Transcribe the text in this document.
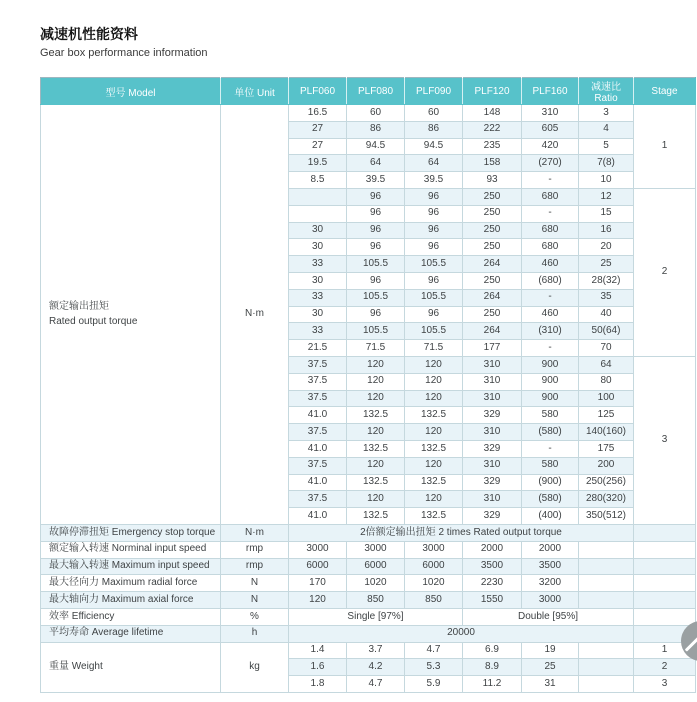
减速机性能资料
Gear box performance information
型号 Model	单位 Unit	PLF060	PLF080	PLF090	PLF120	PLF160	减速比 Ratio	Stage
额定输出扭矩
Rated output torque	N·m	16.5	60	60	148	310	3	1
		27	86	86	222	605	4	
		27	94.5	94.5	235	420	5	
		19.5	64	64	158	(270)	7(8)	
		8.5	39.5	39.5	93	-	10	
			96	96	250	680	12	2
			96	96	250	-	15	
		30	96	96	250	680	16	
		30	96	96	250	680	20	
		33	105.5	105.5	264	460	25	
		30	96	96	250	(680)	28(32)	
		33	105.5	105.5	264	-	35	
		30	96	96	250	460	40	
		33	105.5	105.5	264	(310)	50(64)	
		21.5	71.5	71.5	177	-	70	
		37.5	120	120	310	900	64	3
		37.5	120	120	310	900	80	
		37.5	120	120	310	900	100	
		41.0	132.5	132.5	329	580	125	
		37.5	120	120	310	(580)	140(160)	
		41.0	132.5	132.5	329	-	175	
		37.5	120	120	310	580	200	
		41.0	132.5	132.5	329	(900)	250(256)	
		37.5	120	120	310	(580)	280(320)	
		41.0	132.5	132.5	329	(400)	350(512)	
故障停滞扭矩 Emergency stop torque	N·m	2倍额定输出扭矩 2 times Rated output torque						
额定输入转速 Norminal input speed	rmp	3000	3000	3000	2000	2000		
最大输入转速 Maximum input speed	rmp	6000	6000	6000	3500	3500		
最大径向力 Maximum radial force	N	170	1020	1020	2230	3200		
最大轴向力 Maximum axial force	N	120	850	850	1550	3000		
效率 Efficiency	%	Single [97%]			Double [95%]			
平均寿命 Average lifetime	h	20000						
重量 Weight	kg	1.4	3.7	4.7	6.9	19		1
		1.6	4.2	5.3	8.9	25		2
		1.8	4.7	5.9	11.2	31		3
